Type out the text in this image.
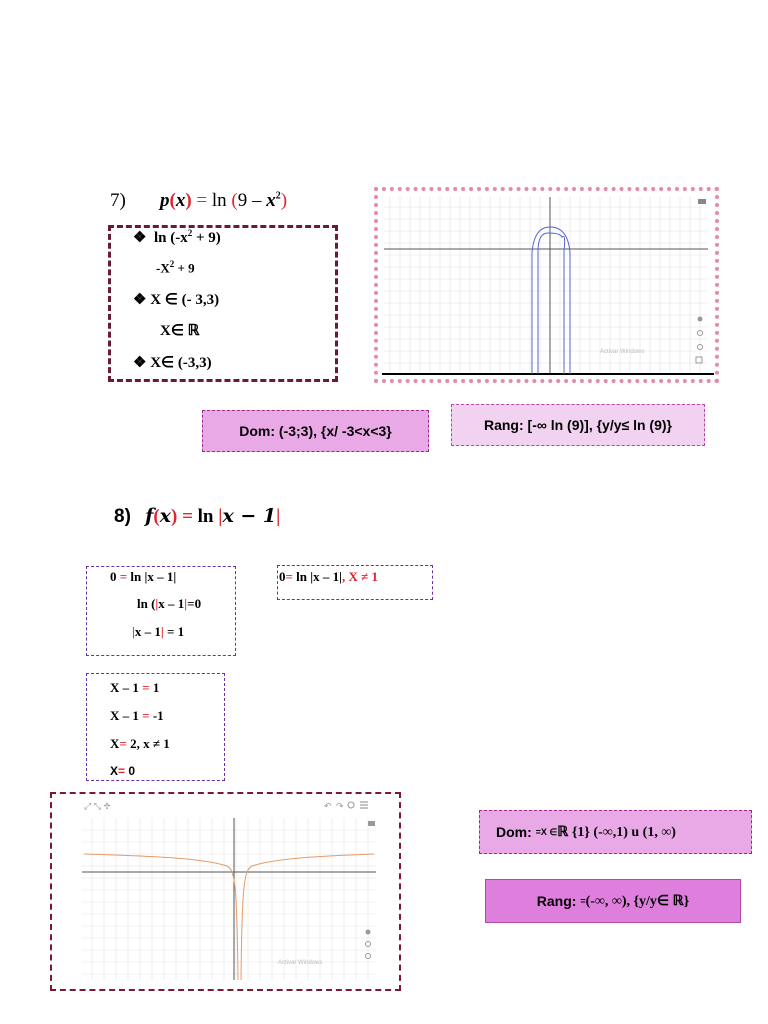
7) $p(x) = \ln (9 - x^2)$
❖ $\ln (-x^2 + 9)$
$-X^2 + 9$
❖ X ∈ (- 3,3)
X∈ ℝ
❖ X∈ (-3,3)
Activar Windows
Dom: (-3;3), {x/ -3<x<3}	Rang: [-∞ ln (9)], {y/y≤ ln (9)}
8) f(x) = ln |x − 1|
0 = ln |x – 1|
ln (|x – 1|=0
|x – 1| = 1
0= ln |x – 1|, X ≠ 1
X – 1 = 1
X – 1 = -1
X= 2, x ≠ 1
X= 0
⤢ ⤡ ✥	↶ ↷
Activar Windows
Dom:
=X ∈ ℝ {1} (-∞,1) u (1, ∞)
Rang:
= (-∞, ∞), {y/y∈ ℝ}
